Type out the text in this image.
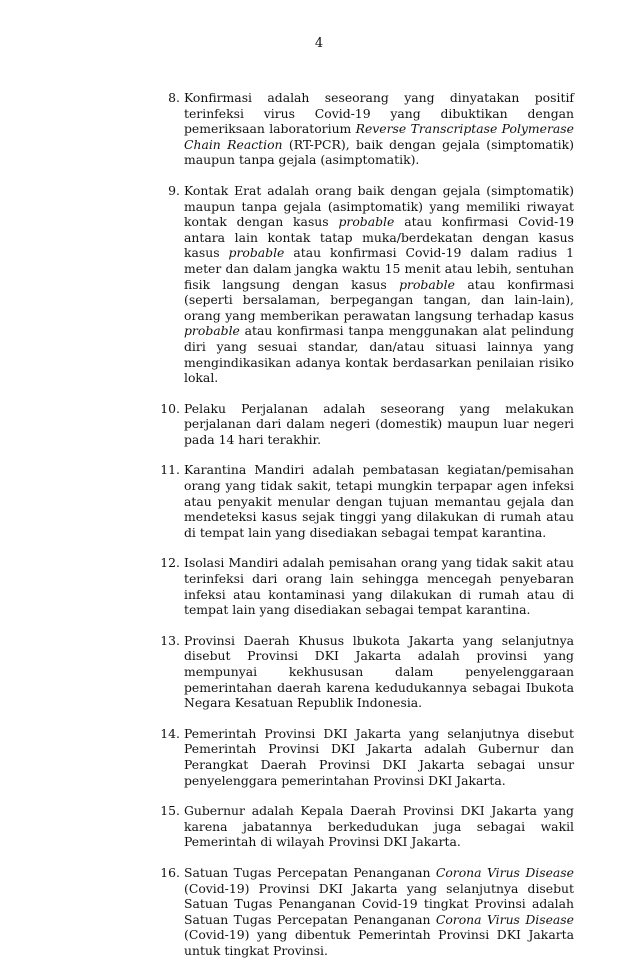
4
8. Konfirmasi adalah seseorang yang dinyatakan positif terinfeksi virus Covid-19 yang dibuktikan dengan pemeriksaan laboratorium Reverse Transcriptase Polymerase Chain Reaction (RT-PCR), baik dengan gejala (simptomatik) maupun tanpa gejala (asimptomatik).
9. Kontak Erat adalah orang baik dengan gejala (simptomatik) maupun tanpa gejala (asimptomatik) yang memiliki riwayat kontak dengan kasus probable atau konfirmasi Covid-19 antara lain kontak tatap muka/berdekatan dengan kasus kasus probable atau konfirmasi Covid-19 dalam radius 1 meter dan dalam jangka waktu 15 menit atau lebih, sentuhan fisik langsung dengan kasus probable atau konfirmasi (seperti bersalaman, berpegangan tangan, dan lain-lain), orang yang memberikan perawatan langsung terhadap kasus probable atau konfirmasi tanpa menggunakan alat pelindung diri yang sesuai standar, dan/atau situasi lainnya yang mengindikasikan adanya kontak berdasarkan penilaian risiko lokal.
10. Pelaku Perjalanan adalah seseorang yang melakukan perjalanan dari dalam negeri (domestik) maupun luar negeri pada 14 hari terakhir.
11. Karantina Mandiri adalah pembatasan kegiatan/pemisahan orang yang tidak sakit, tetapi mungkin terpapar agen infeksi atau penyakit menular dengan tujuan memantau gejala dan mendeteksi kasus sejak tinggi yang dilakukan di rumah atau di tempat lain yang disediakan sebagai tempat karantina.
12. Isolasi Mandiri adalah pemisahan orang yang tidak sakit atau terinfeksi dari orang lain sehingga mencegah penyebaran infeksi atau kontaminasi yang dilakukan di rumah atau di tempat lain yang disediakan sebagai tempat karantina.
13. Provinsi Daerah Khusus lbukota Jakarta yang selanjutnya disebut Provinsi DKI Jakarta adalah provinsi yang mempunyai kekhususan dalam penyelenggaraan pemerintahan daerah karena kedudukannya sebagai Ibukota Negara Kesatuan Republik Indonesia.
14. Pemerintah Provinsi DKI Jakarta yang selanjutnya disebut Pemerintah Provinsi DKI Jakarta adalah Gubernur dan Perangkat Daerah Provinsi DKI Jakarta sebagai unsur penyelenggara pemerintahan Provinsi DKI Jakarta.
15. Gubernur adalah Kepala Daerah Provinsi DKI Jakarta yang karena jabatannya berkedudukan juga sebagai wakil Pemerintah di wilayah Provinsi DKI Jakarta.
16. Satuan Tugas Percepatan Penanganan Corona Virus Disease (Covid-19) Provinsi DKI Jakarta yang selanjutnya disebut Satuan Tugas Penanganan Covid-19 tingkat Provinsi adalah Satuan Tugas Percepatan Penanganan Corona Virus Disease (Covid-19) yang dibentuk Pemerintah Provinsi DKI Jakarta untuk tingkat Provinsi.
